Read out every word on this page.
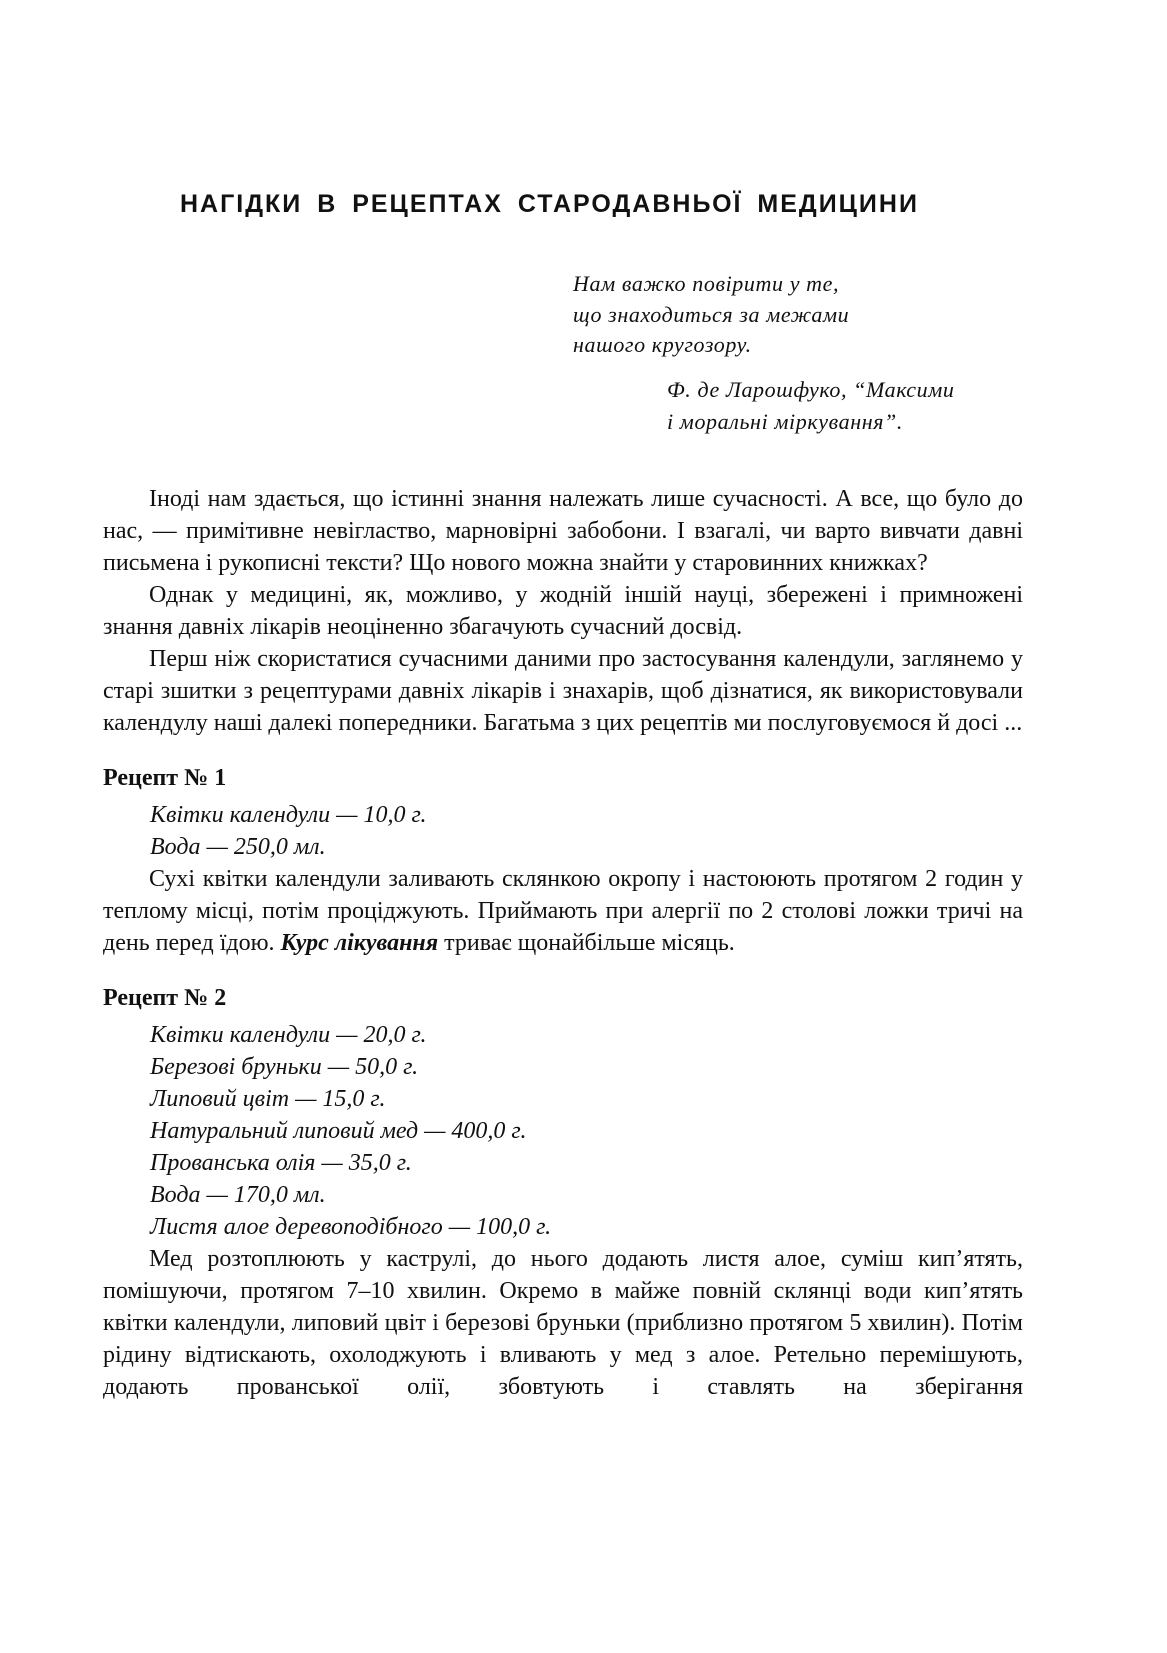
НАГІДКИ В РЕЦЕПТАХ СТАРОДАВНЬОЇ МЕДИЦИНИ
Нам важко повірити у те,
що знаходиться за межами
нашого кругозору.
Ф. де Ларошфуко, “Максими
і моральні міркування”.

Іноді нам здається, що істинні знання належать лише сучасності. А все, що було до нас, — примітивне невігластво, марновірні забобони. І взагалі, чи варто вивчати давні письмена і рукописні тексти? Що нового можна знайти у старовинних книжках?

Однак у медицині, як, можливо, у жодній іншій науці, збережені і примножені знання давніх лікарів неоціненно збагачують сучасний досвід.

Перш ніж скористатися сучасними даними про застосування календули, заглянемо у старі зшитки з рецептурами давніх лікарів і знахарів, щоб дізнатися, як використовували календулу наші далекі попередники. Багатьма з цих рецептів ми послуговуємося й досі ...

Рецепт № 1

Квітки календули — 10,0 г.

Вода — 250,0 мл.

Сухі квітки календули заливають склянкою окропу і настоюють протягом 2 годин у теплому місці, потім проціджують. Приймають при алергії по 2 столові ложки тричі на день перед їдою. Курс лікування триває щонайбільше місяць.

Рецепт № 2

Квітки календули — 20,0 г.

Березові бруньки — 50,0 г.

Липовий цвіт — 15,0 г.

Натуральний липовий мед — 400,0 г.

Прованська олія — 35,0 г.

Вода — 170,0 мл.

Листя алое деревоподібного — 100,0 г.

Мед розтоплюють у каструлі, до нього додають листя алое, суміш кип’ятять, помішуючи, протягом 7–10 хвилин. Окремо в майже повній склянці води кип’ятять квітки календули, липовий цвіт і березові бруньки (приблизно протягом 5 хвилин). Потім рідину відтискають, охолоджують і вливають у мед з алое. Ретельно перемішують, додають прованської олії, збовтують і ставлять на зберігання
